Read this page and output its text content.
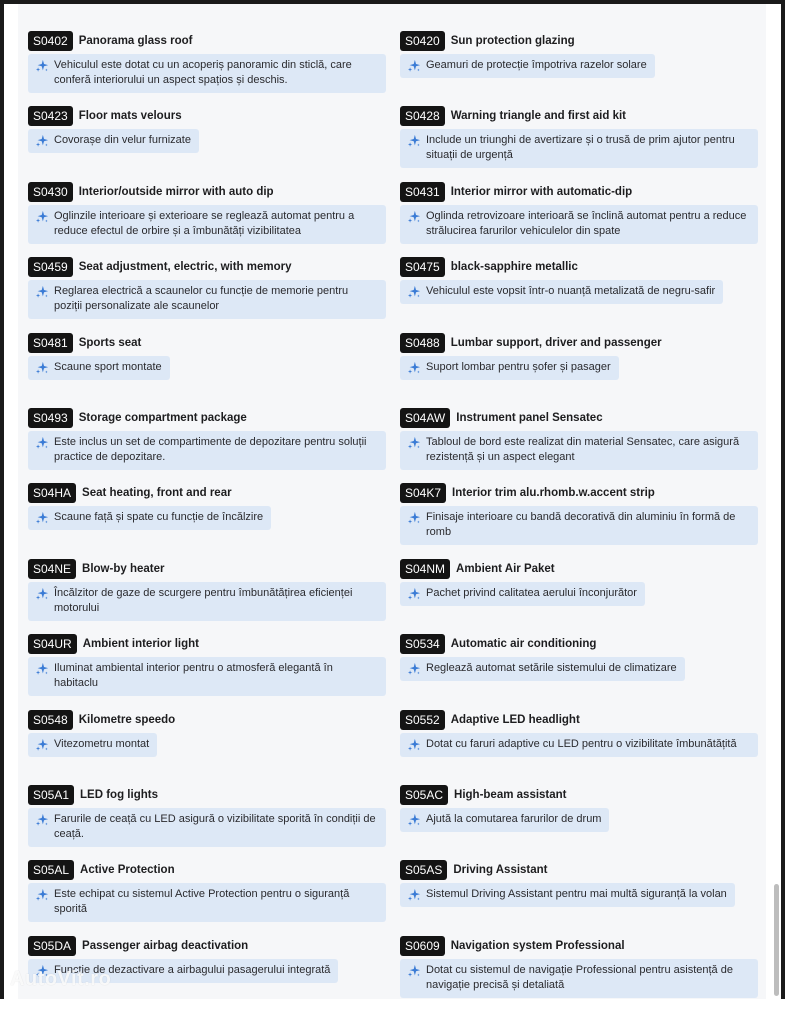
S0402 Panorama glass roof
Vehiculul este dotat cu un acoperiș panoramic din sticlă, care conferă interiorului un aspect spațios și deschis.
S0420 Sun protection glazing
Geamuri de protecție împotriva razelor solare
S0423 Floor mats velours
Covorașe din velur furnizate
S0428 Warning triangle and first aid kit
Include un triunghi de avertizare și o trusă de prim ajutor pentru situații de urgență
S0430 Interior/outside mirror with auto dip
Oglinzile interioare și exterioare se reglează automat pentru a reduce efectul de orbire și a îmbunătăți vizibilitatea
S0431 Interior mirror with automatic-dip
Oglinda retrovizoare interioară se înclină automat pentru a reduce strălucirea farurilor vehiculelor din spate
S0459 Seat adjustment, electric, with memory
Reglarea electrică a scaunelor cu funcție de memorie pentru poziții personalizate ale scaunelor
S0475 black-sapphire metallic
Vehiculul este vopsit într-o nuanță metalizată de negru-safir
S0481 Sports seat
Scaune sport montate
S0488 Lumbar support, driver and passenger
Suport lombar pentru șofer și pasager
S0493 Storage compartment package
Este inclus un set de compartimente de depozitare pentru soluții practice de depozitare.
S04AW Instrument panel Sensatec
Tabloul de bord este realizat din material Sensatec, care asigură rezistență și un aspect elegant
S04HA Seat heating, front and rear
Scaune față și spate cu funcție de încălzire
S04K7 Interior trim alu.rhomb.w.accent strip
Finisaje interioare cu bandă decorativă din aluminiu în formă de romb
S04NE Blow-by heater
Încălzitor de gaze de scurgere pentru îmbunătățirea eficienței motorului
S04NM Ambient Air Paket
Pachet privind calitatea aerului înconjurător
S04UR Ambient interior light
Iluminat ambiental interior pentru o atmosferă elegantă în habitaclu
S0534 Automatic air conditioning
Reglează automat setările sistemului de climatizare
S0548 Kilometre speedo
Vitezometru montat
S0552 Adaptive LED headlight
Dotat cu faruri adaptive cu LED pentru o vizibilitate îmbunătățită
S05A1 LED fog lights
Farurile de ceață cu LED asigură o vizibilitate sporită în condiții de ceață.
S05AC High-beam assistant
Ajută la comutarea farurilor de drum
S05AL Active Protection
Este echipat cu sistemul Active Protection pentru o siguranță sporită
S05AS Driving Assistant
Sistemul Driving Assistant pentru mai multă siguranță la volan
S05DA Passenger airbag deactivation
Funcție de dezactivare a airbagului pasagerului integrată
S0609 Navigation system Professional
Dotat cu sistemul de navigație Professional pentru asistență de navigație precisă și detaliată
AutoVit.ro
